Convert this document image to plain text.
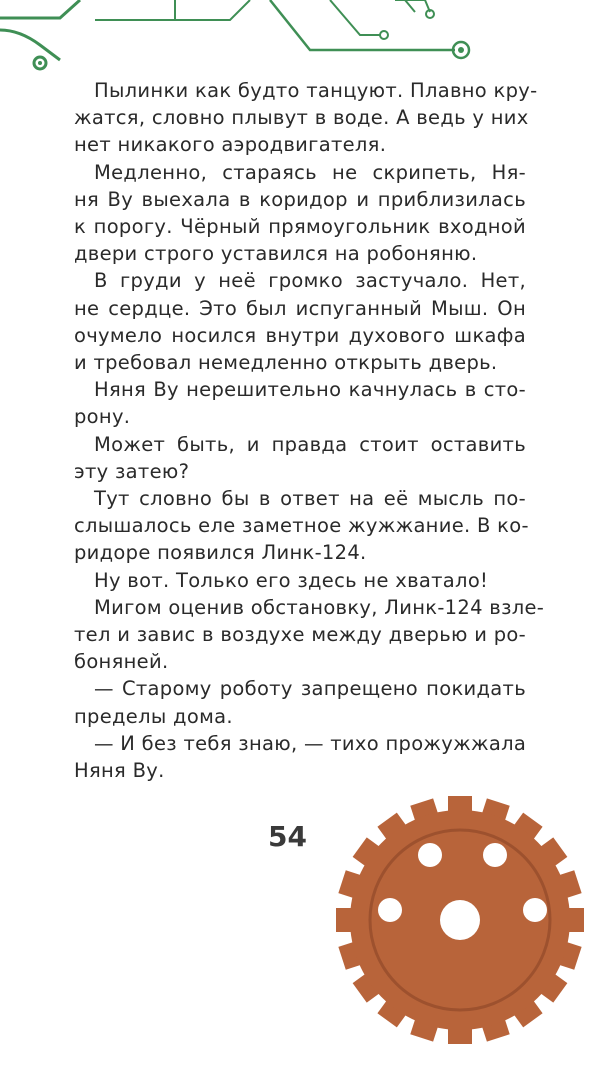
Пылинки как будто танцуют. Плавно кру-
жатся, словно плывут в воде. А ведь у них
нет никакого аэродвигателя.
Медленно, стараясь не скрипеть, Ня-
ня Ву выехала в коридор и приблизилась
к порогу. Чёрный прямоугольник входной
двери строго уставился на робоняню.
В груди у неё громко застучало. Нет,
не сердце. Это был испуганный Мыш. Он
очумело носился внутри духового шкафа
и требовал немедленно открыть дверь.
Няня Ву нерешительно качнулась в сто-
рону.
Может быть, и правда стоит оставить
эту затею?
Тут словно бы в ответ на её мысль по-
слышалось еле заметное жужжание. В ко-
ридоре появился Линк-124.
Ну вот. Только его здесь не хватало!
Мигом оценив обстановку, Линк-124 взле-
тел и завис в воздухе между дверью и ро-
боняней.
— Старому роботу запрещено покидать
пределы дома.
— И без тебя знаю, — тихо прожужжала
Няня Ву.
54
